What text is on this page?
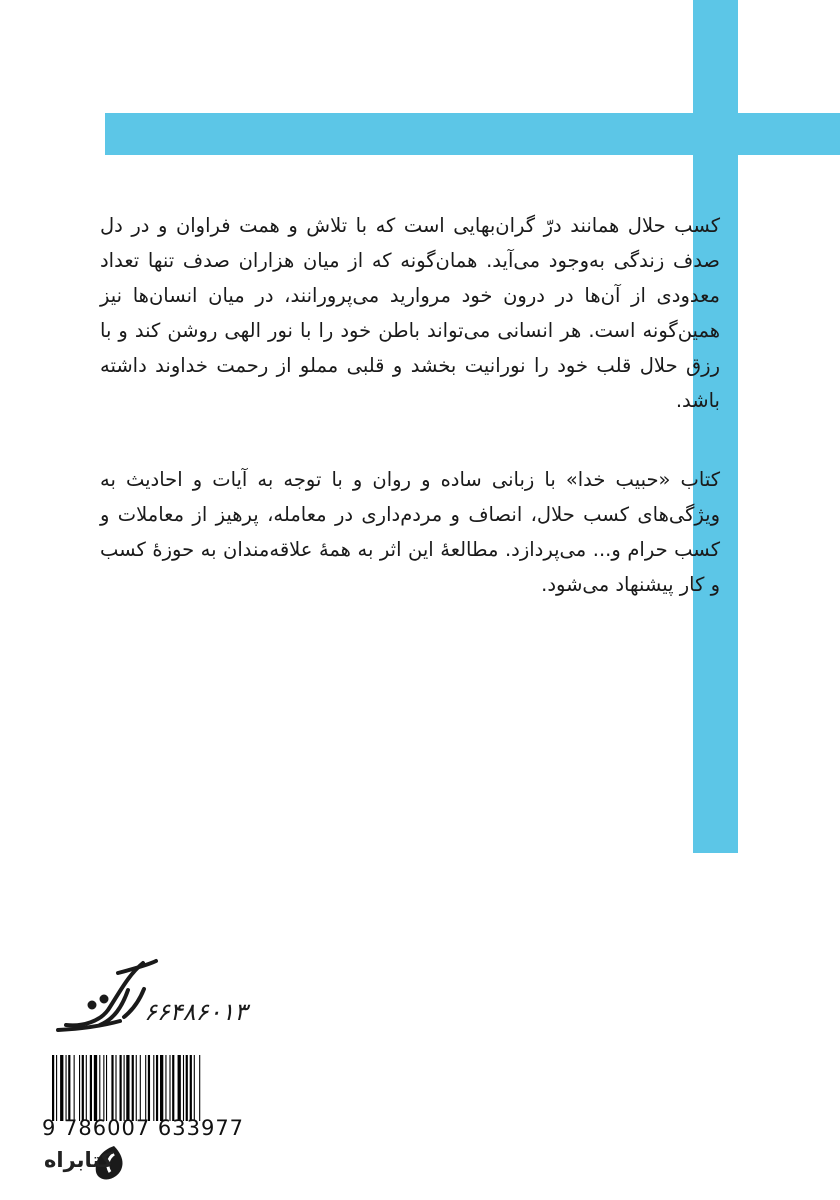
کسب حلال همانند درّ گران‌بهایی است که با تلاش و همت فراوان و در دل صدف زندگی به‌وجود می‌آید. همان‌گونه که از میان هزاران صدف تنها تعداد معدودی از آن‌ها در درون خود مروارید می‌پرورانند، در میان انسان‌ها نیز همین‌گونه است. هر انسانی می‌تواند باطن خود را با نور الهی روشن کند و با رزق حلال قلب خود را نورانیت بخشد و قلبی مملو از رحمت خداوند داشته باشد.

کتاب «حبیب خدا» با زبانی ساده و روان و با توجه به آیات و احادیث به ویژگی‌های کسب حلال، انصاف و مردم‌داری در معامله، پرهیز از معاملات و کسب حرام و... می‌پردازد. مطالعهٔ این اثر به همهٔ علاقه‌مندان به حوزهٔ کسب و کار پیشنهاد می‌شود.

۶۶۴۸۶۰۱۳
9 786007 633977
کتابراه
